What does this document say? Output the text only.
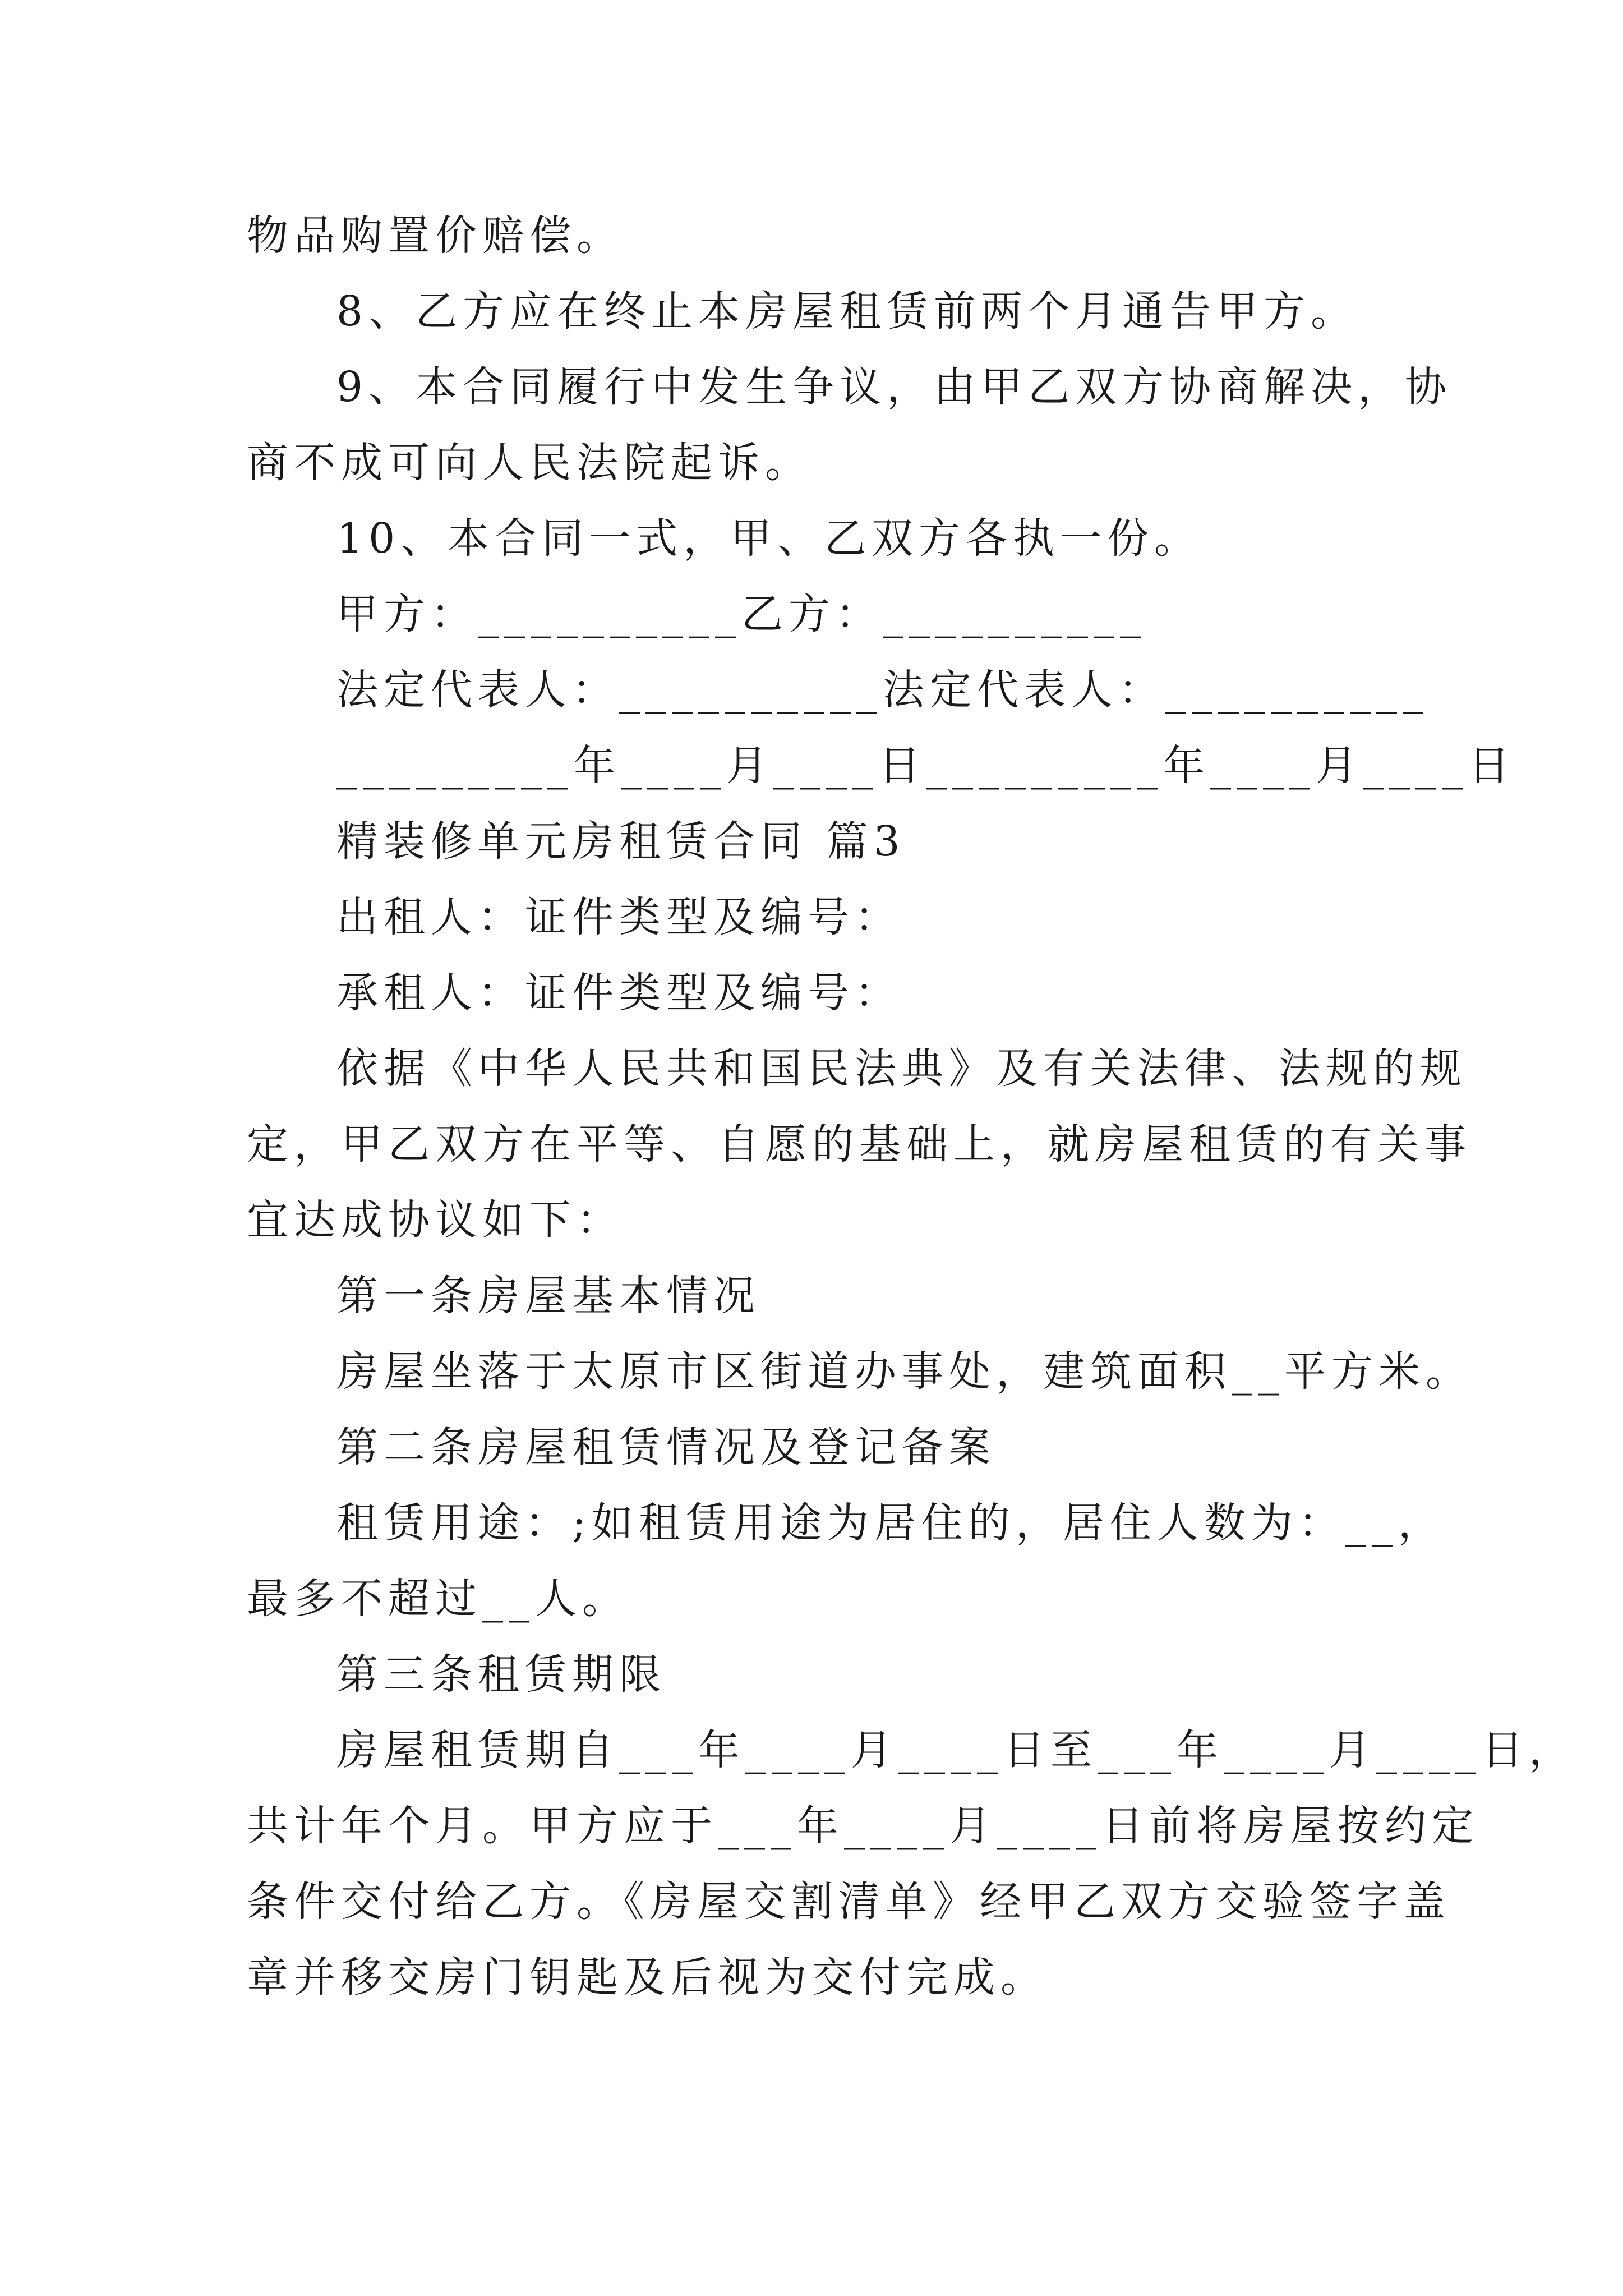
物品购置价赔偿。
8、乙方应在终止本房屋租赁前两个月通告甲方。
9、本合同履行中发生争议，由甲乙双方协商解决，协
商不成可向人民法院起诉。
10、本合同一式，甲、乙双方各执一份。
甲方：__________乙方：__________
法定代表人：__________法定代表人：__________
_________年____月____日_________年____月____日
精装修单元房租赁合同 篇3
出租人：证件类型及编号：
承租人：证件类型及编号：
依据《中华人民共和国民法典》及有关法律、法规的规
定，甲乙双方在平等、自愿的基础上，就房屋租赁的有关事
宜达成协议如下：
第一条房屋基本情况
房屋坐落于太原市区街道办事处，建筑面积__平方米。
第二条房屋租赁情况及登记备案
租赁用途：;如租赁用途为居住的，居住人数为：__，
最多不超过__人。
第三条租赁期限
房屋租赁期自___年____月____日至___年____月____日，
共计年个月。甲方应于___年____月____日前将房屋按约定
条件交付给乙方。《房屋交割清单》经甲乙双方交验签字盖
章并移交房门钥匙及后视为交付完成。
